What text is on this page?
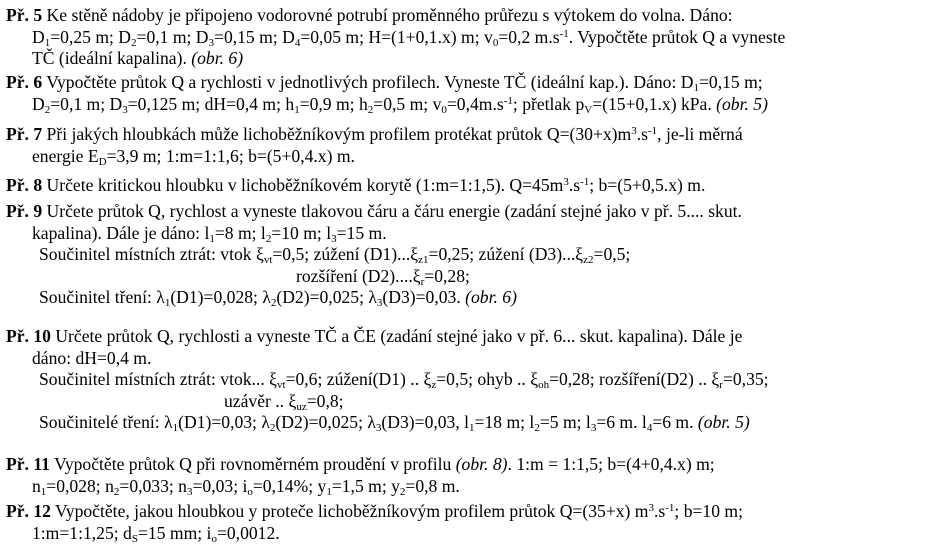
Př. 5 Ke stěně nádoby je připojeno vodorovné potrubí proměnného průřezu s výtokem do volna. Dáno:
$D_1=0,25$ m; $D_2=0,1$ m; $D_3=0,15$ m; $D_4=0,05$ m; H=(1+0,1.x) m; $v_0=0,2$ $m.s^{-1}$. Vypočtěte průtok Q a vyneste
TČ (ideální kapalina). (obr. 6)
Př. 6 Vypočtěte průtok Q a rychlosti v jednotlivých profilech. Vyneste TČ (ideální kap.). Dáno: $D_1=0,15$ m;
$D_2=0,1$ m; $D_3=0,125$ m; dH=0,4 m; $h_1=0,9$ m; $h_2=0,5$ m; $v_0=0,4m.s^{-1}$; přetlak $p_V=(15+0,1.x)$ kPa. (obr. 5)
Př. 7 Při jakých hloubkách může lichoběžníkovým profilem protékat průtok $Q=(30+x)m^3.s^{-1}$, je-li měrná
energie $E_D=3,9$ m; 1:m=1:1,6; b=(5+0,4.x) m.
Př. 8 Určete kritickou hloubku v lichoběžníkovém korytě (1:m=1:1,5). $Q=45m^3.s^{-1}$; b=(5+0,5.x) m.
Př. 9 Určete průtok Q, rychlost a vyneste tlakovou čáru a čáru energie (zadání stejné jako v př. 5.... skut.
kapalina). Dále je dáno: $l_1=8$ m; $l_2=10$ m; $l_3=15$ m.
Součinitel místních ztrát: vtok $\xi_{vt}=0,5$; zúžení $(D1)...\xi_{z1}=0,25$; zúžení $(D3)...\xi_{z2}=0,5$;
rozšíření $(D2)....\xi_r=0,28$;
Součinitel tření: $\lambda_1(D1)=0,028$; $\lambda_2(D2)=0,025$; $\lambda_3(D3)=0,03$. (obr. 6)
Př. 10 Určete průtok Q, rychlosti a vyneste TČ a ČE (zadání stejné jako v př. 6... skut. kapalina). Dále je
dáno: dH=0,4 m.
Součinitel místních ztrát: vtok... $\xi_{vt}=0,6$; zúžení(D1) .. $\xi_z=0,5$; ohyb .. $\xi_{oh}=0,28$; rozšíření(D2) .. $\xi_r=0,35$;
uzávěr .. $\xi_{uz}=0,8$;
Součinitelé tření: $\lambda_1(D1)=0,03$; $\lambda_2(D2)=0,025$; $\lambda_3(D3)=0,03$, $l_1=18$ m; $l_2=5$ m; $l_3=6$ m. $l_4=6$ m. (obr. 5)
Př. 11 Vypočtěte průtok Q při rovnoměrném proudění v profilu (obr. 8). 1:m = 1:1,5; b=(4+0,4.x) m;
$n_1=0,028$; $n_2=0,033$; $n_3=0,03$; $i_o=0,14\%$; $y_1=1,5$ m; $y_2=0,8$ m.
Př. 12 Vypočtěte, jakou hloubkou y proteče lichoběžníkovým profilem průtok Q=(35+x) $m^3.s^{-1}$; b=10 m;
1:m=1:1,25; $d_S=15$ mm; $i_o=0,0012$.
